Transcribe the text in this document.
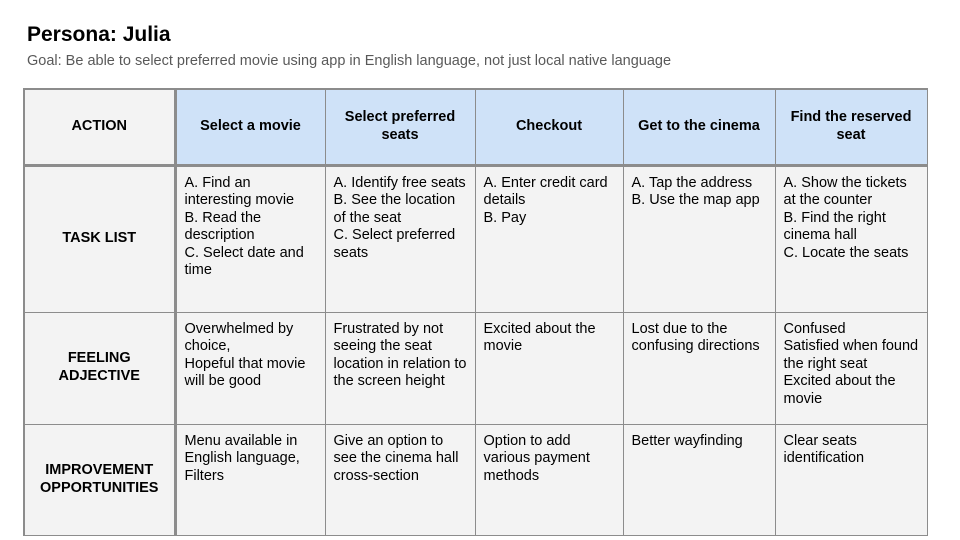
Persona: Julia

Goal: Be able to select preferred movie using app in English language, not just local native language

ACTION	Select a movie	Select preferred seats	Checkout	Get to the cinema	Find the reserved seat
TASK LIST	A. Find an interesting movie
B. Read the description
C. Select date and time	A. Identify free seats
B. See the location of the seat
C. Select preferred seats	A. Enter credit card details
B. Pay	A. Tap the address
B. Use the map app	A. Show the tickets at the counter
B. Find the right cinema hall
C. Locate the seats
FEELING ADJECTIVE	Overwhelmed by choice,
Hopeful that movie will be good	Frustrated by not seeing the seat location in relation to the screen height	Excited about the movie	Lost due to the confusing directions	Confused
Satisfied when found the right seat
Excited about the movie
IMPROVEMENT OPPORTUNITIES	Menu available in English language, Filters	Give an option to see the cinema hall cross-section	Option to add various payment methods	Better wayfinding	Clear seats identification
